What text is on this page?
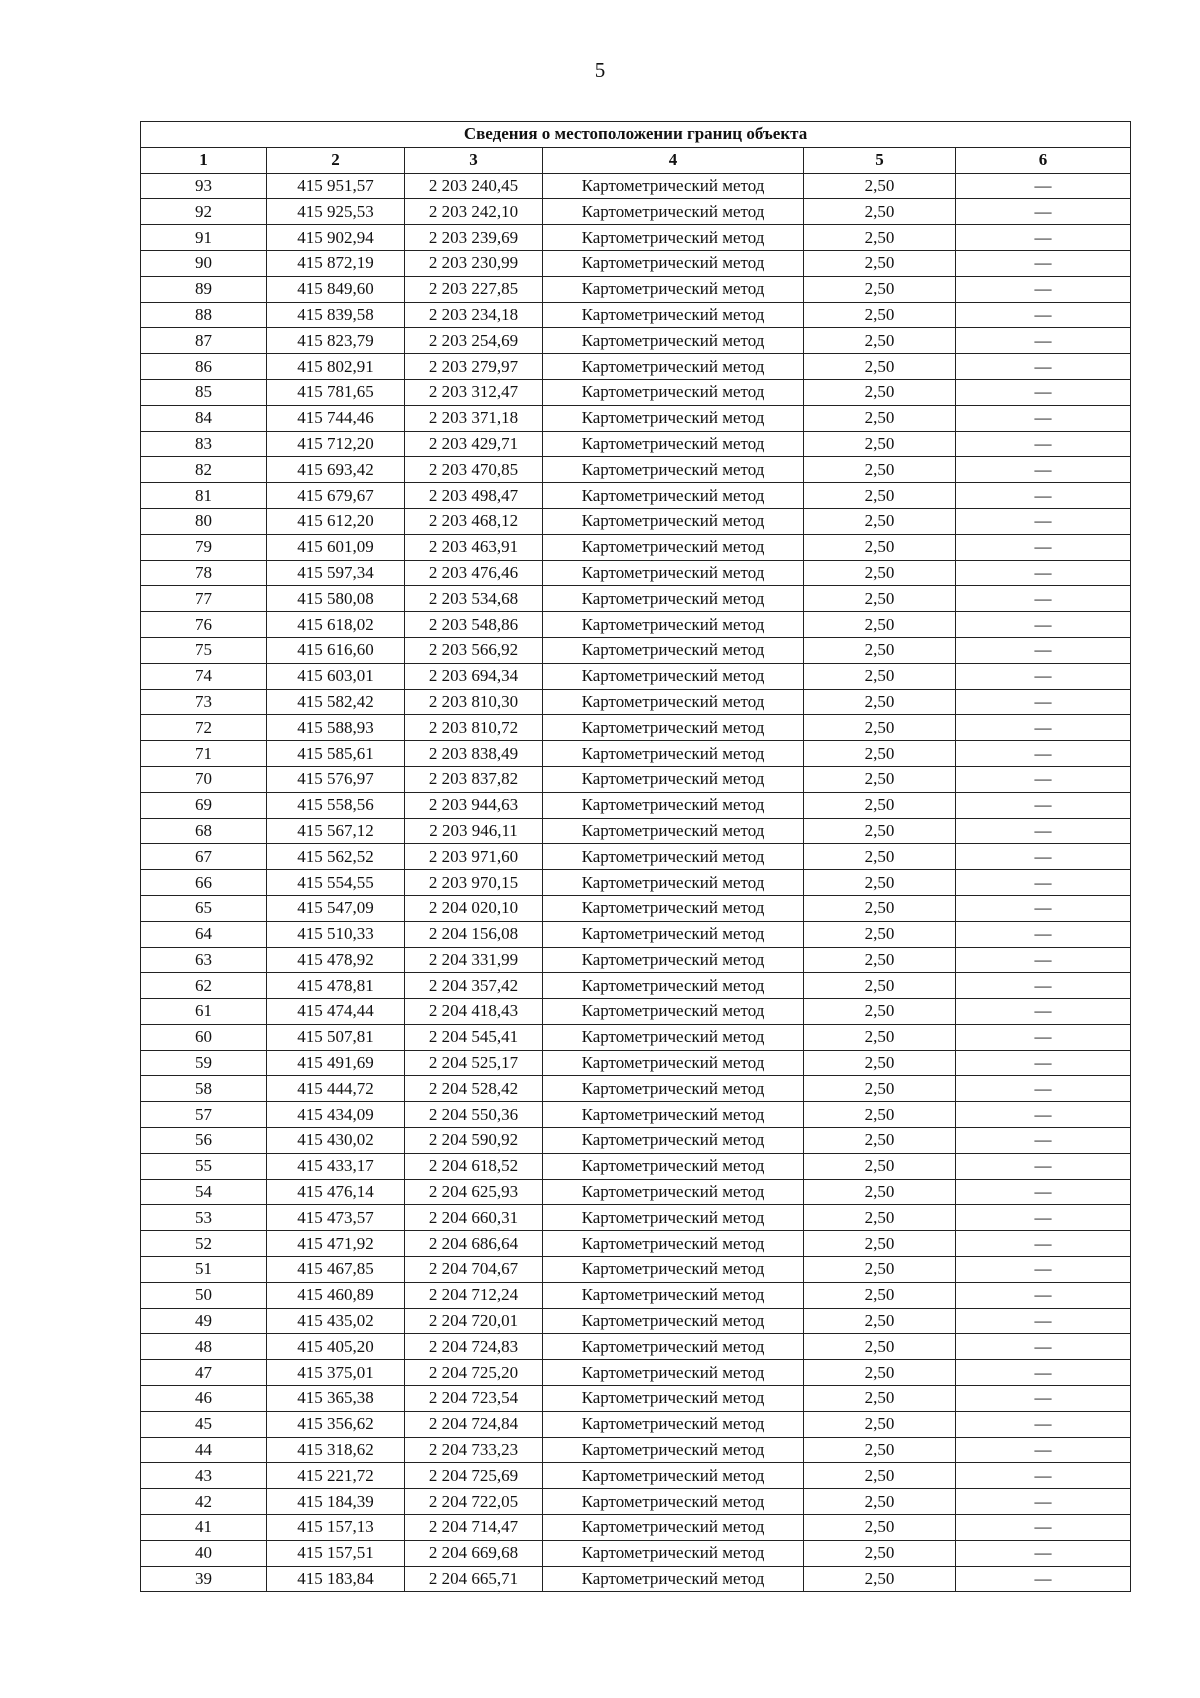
5
Сведения о местоположении границ объекта					
1	2	3	4	5	6
93	415 951,57	2 203 240,45	Картометрический метод	2,50	—
92	415 925,53	2 203 242,10	Картометрический метод	2,50	—
91	415 902,94	2 203 239,69	Картометрический метод	2,50	—
90	415 872,19	2 203 230,99	Картометрический метод	2,50	—
89	415 849,60	2 203 227,85	Картометрический метод	2,50	—
88	415 839,58	2 203 234,18	Картометрический метод	2,50	—
87	415 823,79	2 203 254,69	Картометрический метод	2,50	—
86	415 802,91	2 203 279,97	Картометрический метод	2,50	—
85	415 781,65	2 203 312,47	Картометрический метод	2,50	—
84	415 744,46	2 203 371,18	Картометрический метод	2,50	—
83	415 712,20	2 203 429,71	Картометрический метод	2,50	—
82	415 693,42	2 203 470,85	Картометрический метод	2,50	—
81	415 679,67	2 203 498,47	Картометрический метод	2,50	—
80	415 612,20	2 203 468,12	Картометрический метод	2,50	—
79	415 601,09	2 203 463,91	Картометрический метод	2,50	—
78	415 597,34	2 203 476,46	Картометрический метод	2,50	—
77	415 580,08	2 203 534,68	Картометрический метод	2,50	—
76	415 618,02	2 203 548,86	Картометрический метод	2,50	—
75	415 616,60	2 203 566,92	Картометрический метод	2,50	—
74	415 603,01	2 203 694,34	Картометрический метод	2,50	—
73	415 582,42	2 203 810,30	Картометрический метод	2,50	—
72	415 588,93	2 203 810,72	Картометрический метод	2,50	—
71	415 585,61	2 203 838,49	Картометрический метод	2,50	—
70	415 576,97	2 203 837,82	Картометрический метод	2,50	—
69	415 558,56	2 203 944,63	Картометрический метод	2,50	—
68	415 567,12	2 203 946,11	Картометрический метод	2,50	—
67	415 562,52	2 203 971,60	Картометрический метод	2,50	—
66	415 554,55	2 203 970,15	Картометрический метод	2,50	—
65	415 547,09	2 204 020,10	Картометрический метод	2,50	—
64	415 510,33	2 204 156,08	Картометрический метод	2,50	—
63	415 478,92	2 204 331,99	Картометрический метод	2,50	—
62	415 478,81	2 204 357,42	Картометрический метод	2,50	—
61	415 474,44	2 204 418,43	Картометрический метод	2,50	—
60	415 507,81	2 204 545,41	Картометрический метод	2,50	—
59	415 491,69	2 204 525,17	Картометрический метод	2,50	—
58	415 444,72	2 204 528,42	Картометрический метод	2,50	—
57	415 434,09	2 204 550,36	Картометрический метод	2,50	—
56	415 430,02	2 204 590,92	Картометрический метод	2,50	—
55	415 433,17	2 204 618,52	Картометрический метод	2,50	—
54	415 476,14	2 204 625,93	Картометрический метод	2,50	—
53	415 473,57	2 204 660,31	Картометрический метод	2,50	—
52	415 471,92	2 204 686,64	Картометрический метод	2,50	—
51	415 467,85	2 204 704,67	Картометрический метод	2,50	—
50	415 460,89	2 204 712,24	Картометрический метод	2,50	—
49	415 435,02	2 204 720,01	Картометрический метод	2,50	—
48	415 405,20	2 204 724,83	Картометрический метод	2,50	—
47	415 375,01	2 204 725,20	Картометрический метод	2,50	—
46	415 365,38	2 204 723,54	Картометрический метод	2,50	—
45	415 356,62	2 204 724,84	Картометрический метод	2,50	—
44	415 318,62	2 204 733,23	Картометрический метод	2,50	—
43	415 221,72	2 204 725,69	Картометрический метод	2,50	—
42	415 184,39	2 204 722,05	Картометрический метод	2,50	—
41	415 157,13	2 204 714,47	Картометрический метод	2,50	—
40	415 157,51	2 204 669,68	Картометрический метод	2,50	—
39	415 183,84	2 204 665,71	Картометрический метод	2,50	—
